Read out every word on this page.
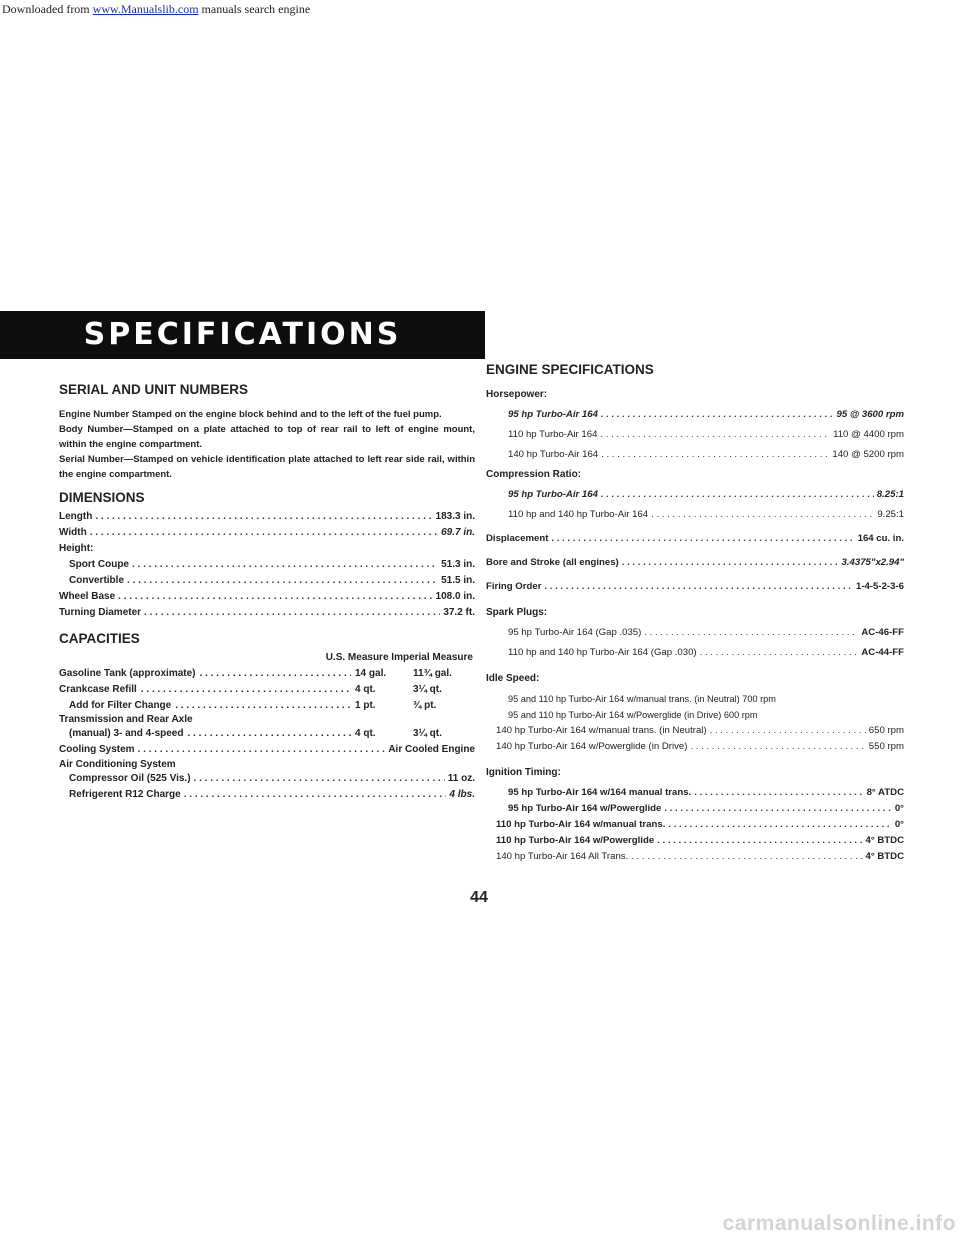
Downloaded from www.Manualslib.com manuals search engine
SPECIFICATIONS
SERIAL AND UNIT NUMBERS

Engine Number Stamped on the engine block behind and to the left of the fuel pump.

Body Number—Stamped on a plate attached to top of rear rail to left of engine mount, within the engine compartment.

Serial Number—Stamped on vehicle identification plate attached to left rear side rail, within the engine compartment.

DIMENSIONS
Length . . .	183.3 in.
Width . . .	69.7 in.
Height:
Sport Coupe . . .	51.3 in.
Convertible . . .	51.5 in.
Wheel Base . . .	108.0 in.
Turning Diameter . . .	37.2 ft.
CAPACITIES
U.S. Measure Imperial Measure
Gasoline Tank (approximate) . . .	14 gal.	11¾ gal.
Crankcase Refill . . .	4 qt.	3¼ qt.
Add for Filter Change . . .	1 pt.	¾ pt.
Transmission and Rear Axle
(manual) 3- and 4-speed . . .	4 qt.	3¼ qt.
Cooling System . . .	Air Cooled Engine
Air Conditioning System
Compressor Oil (525 Vis.) . . .	11 oz.
Refrigerent R12 Charge . . .	4 lbs.
ENGINE SPECIFICATIONS
Horsepower:
95 hp Turbo-Air 164 . . .	95 @ 3600 rpm
110 hp Turbo-Air 164 . . .	110 @ 4400 rpm
140 hp Turbo-Air 164 . . .	140 @ 5200 rpm
Compression Ratio:
95 hp Turbo-Air 164 . . .	8.25:1
110 hp and 140 hp Turbo-Air 164 . . .	9.25:1
Displacement . . .	164 cu. in.
Bore and Stroke (all engines) . . .	3.4375"x2.94"
Firing Order . . .	1-4-5-2-3-6
Spark Plugs:
95 hp Turbo-Air 164 (Gap .035) . . .	AC-46-FF
110 hp and 140 hp Turbo-Air 164 (Gap .030) . . .	AC-44-FF
Idle Speed:
95 and 110 hp Turbo-Air 164 w/manual trans. (in Neutral) 700 rpm
95 and 110 hp Turbo-Air 164 w/Powerglide (in Drive) 600 rpm
140 hp Turbo-Air 164 w/manual trans. (in Neutral) . . .	650 rpm
140 hp Turbo-Air 164 w/Powerglide (in Drive) . . .	550 rpm
Ignition Timing:
95 hp Turbo-Air 164 w/164 manual trans. . . .	8° ATDC
95 hp Turbo-Air 164 w/Powerglide . . .	0°
110 hp Turbo-Air 164 w/manual trans. . . .	0°
110 hp Turbo-Air 164 w/Powerglide . . .	4° BTDC
140 hp Turbo-Air 164 All Trans. . . .	4° BTDC
44
carmanualsonline.info
